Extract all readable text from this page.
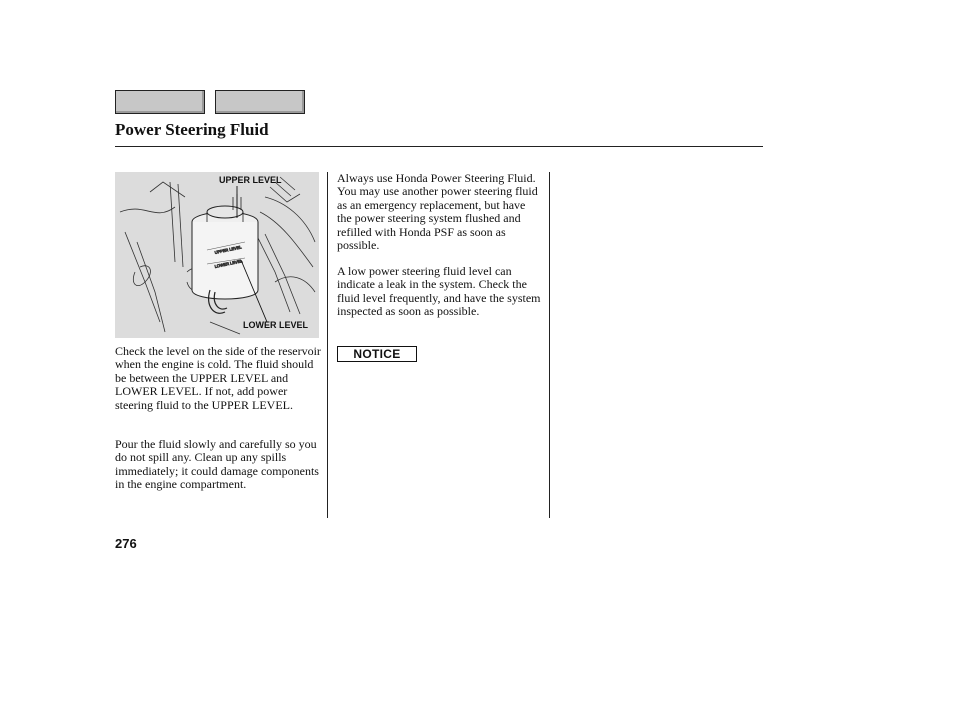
Power Steering Fluid
UPPER LEVEL
LOWER LEVEL
UPPER LEVEL
LOWER LEVEL

Check the level on the side of the reservoir when the engine is cold. The fluid should be between the UPPER LEVEL and LOWER LEVEL. If not, add power steering fluid to the UPPER LEVEL.

Pour the fluid slowly and carefully so you do not spill any. Clean up any spills immediately; it could damage components in the engine compartment.

Always use Honda Power Steering Fluid. You may use another power steering fluid as an emergency replacement, but have the power steering system flushed and refilled with Honda PSF as soon as possible.

A low power steering fluid level can indicate a leak in the system. Check the fluid level frequently, and have the system inspected as soon as possible.

NOTICE
276
